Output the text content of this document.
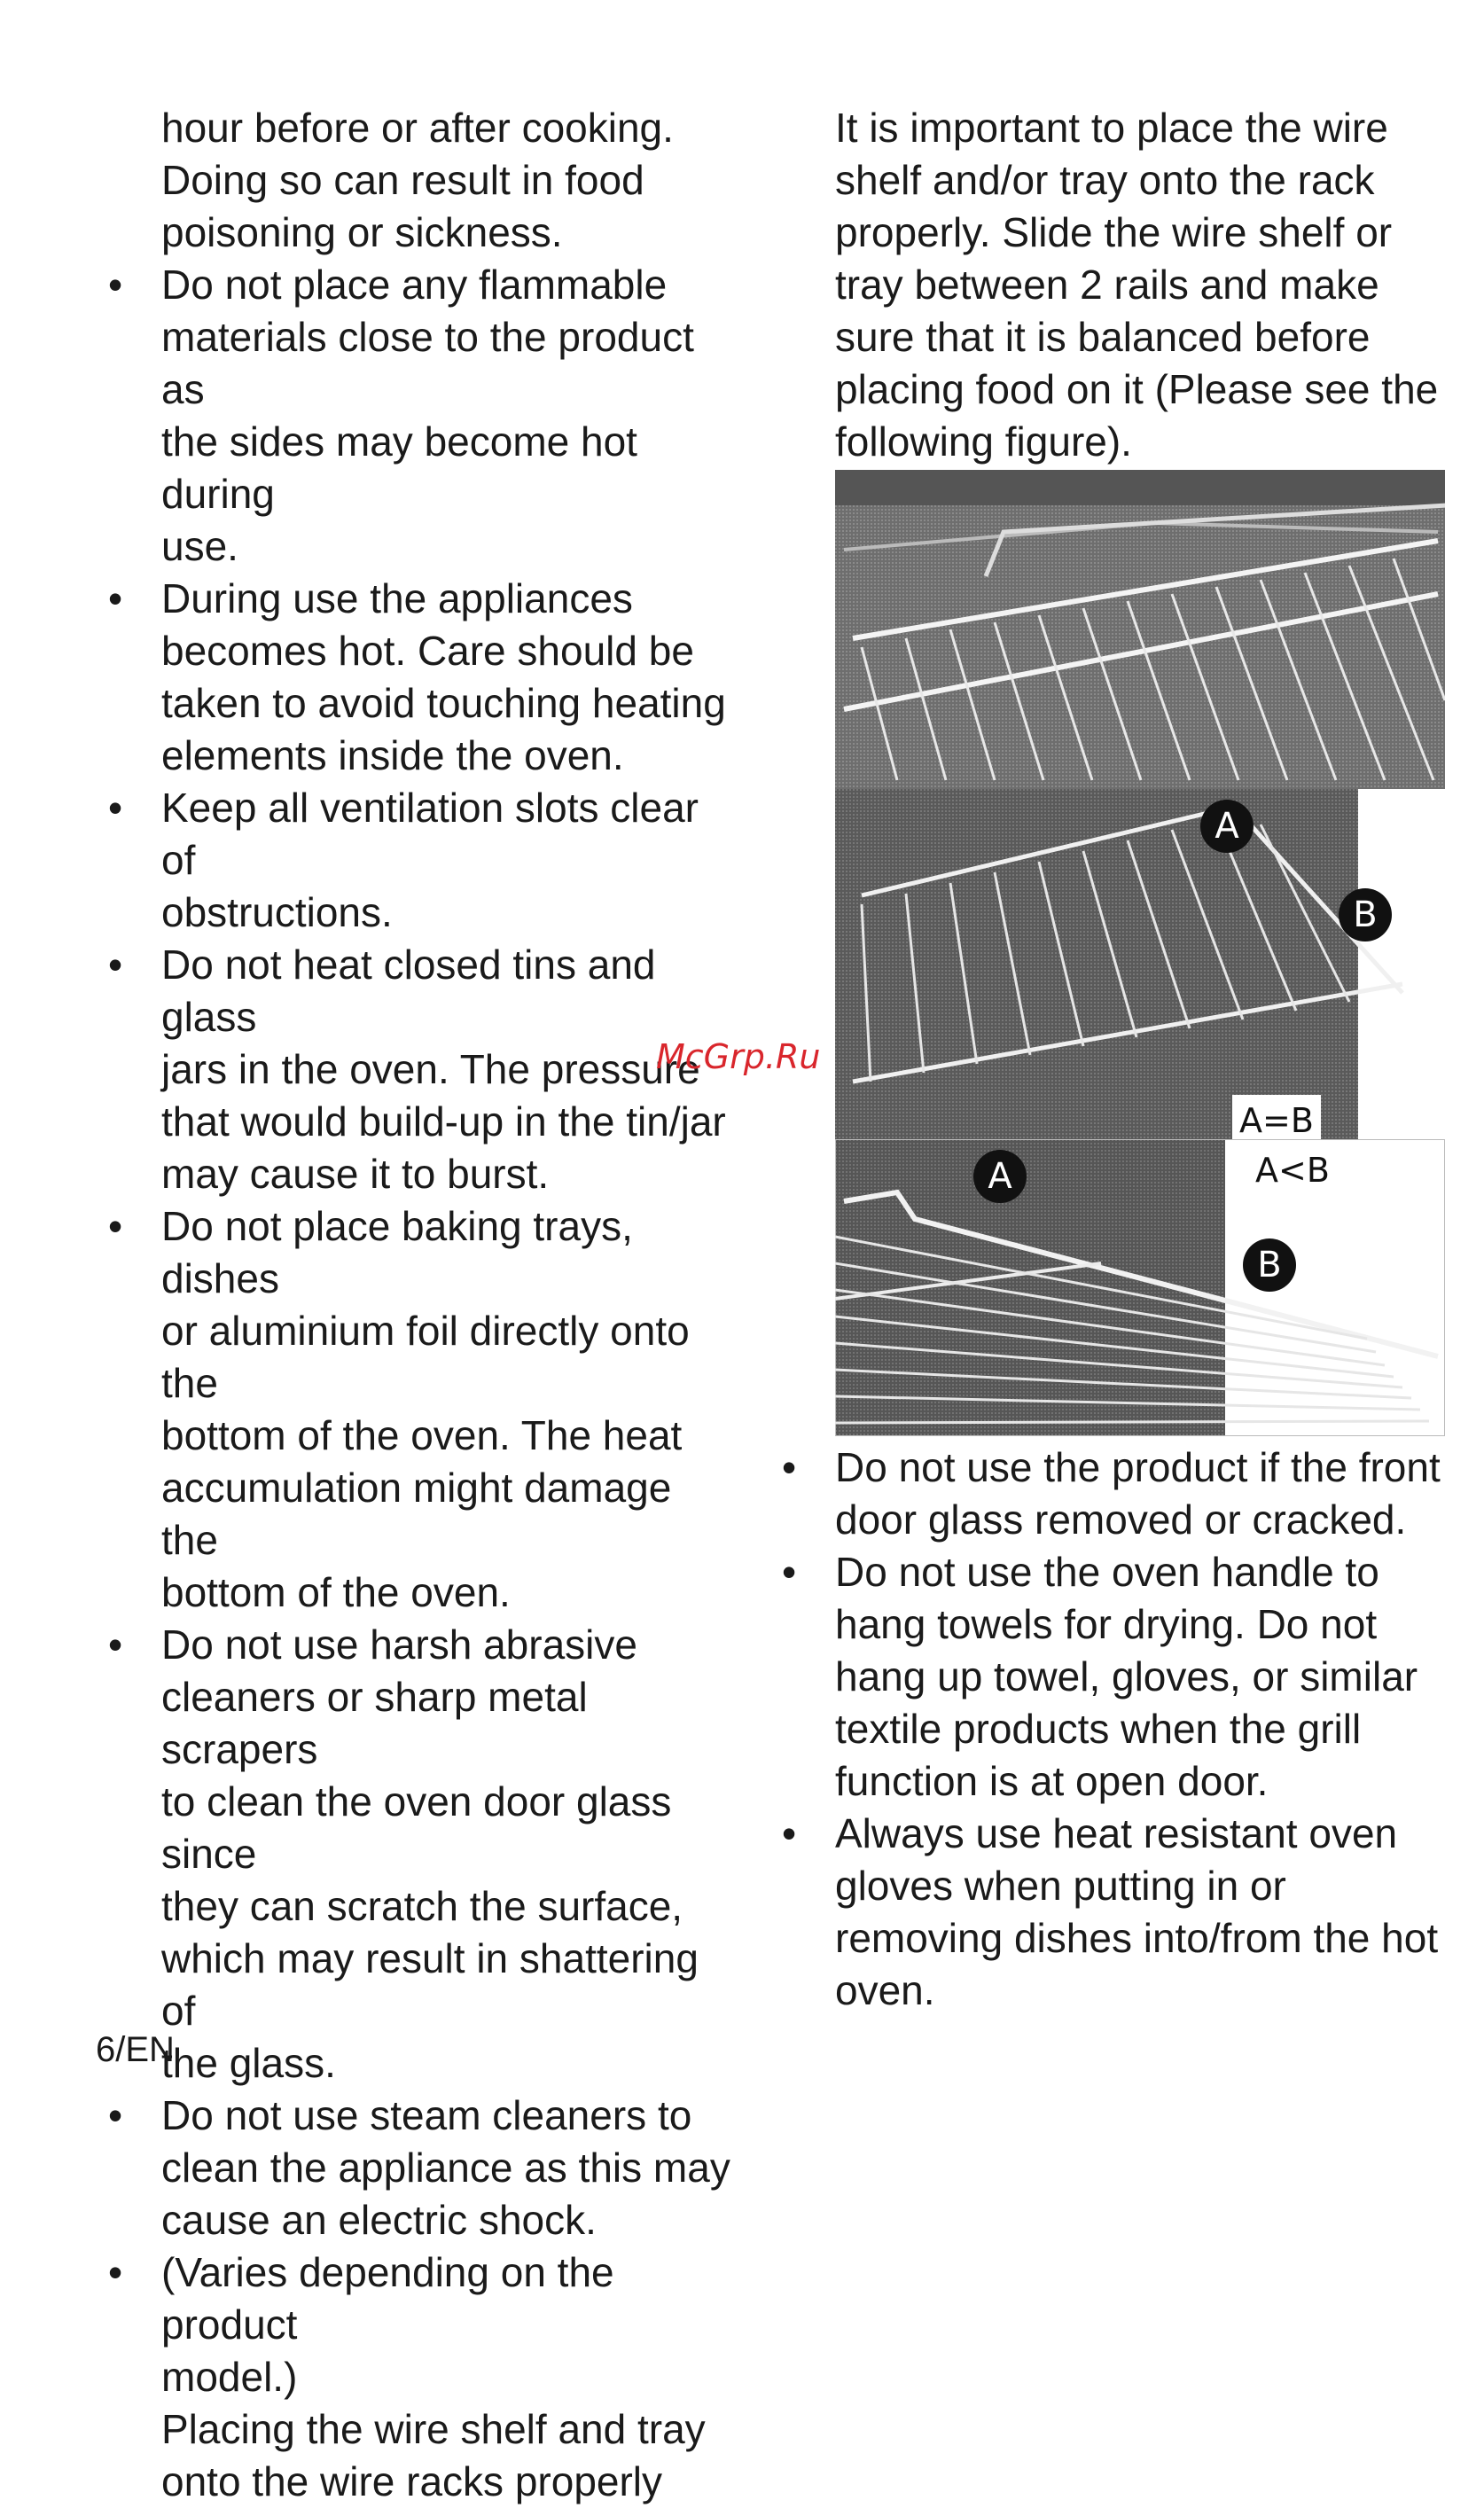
hour before or after cooking.
Doing so can result in food
poisoning or sickness.
• Do not place any flammable
materials close to the product as
the sides may become hot during
use.
• During use the appliances
becomes hot. Care should be
taken to avoid touching heating
elements inside the oven.
• Keep all ventilation slots clear of
obstructions.
• Do not heat closed tins and glass
jars in the oven. The pressure
that would build-up in the tin/jar
may cause it to burst.
• Do not place baking trays, dishes
or aluminium foil directly onto the
bottom of the oven. The heat
accumulation might damage the
bottom of the oven.
• Do not use harsh abrasive
cleaners or sharp metal scrapers
to clean the oven door glass since
they can scratch the surface,
which may result in shattering of
the glass.
• Do not use steam cleaners to
clean the appliance as this may
cause an electric shock.
• (Varies depending on the product
model.)
Placing the wire shelf and tray
onto the wire racks properly
It is important to place the wire
shelf and/or tray onto the rack
properly. Slide the wire shelf or
tray between 2 rails and make
sure that it is balanced before
placing food on it (Please see the
following figure).
A
B
A=B
A
B
A<B
• Do not use the product if the front
door glass removed or cracked.
• Do not use the oven handle to
hang towels for drying. Do not
hang up towel, gloves, or similar
textile products when the grill
function is at open door.
• Always use heat resistant oven
gloves when putting in or
removing dishes into/from the hot
oven.
McGrp.Ru
6/EN
